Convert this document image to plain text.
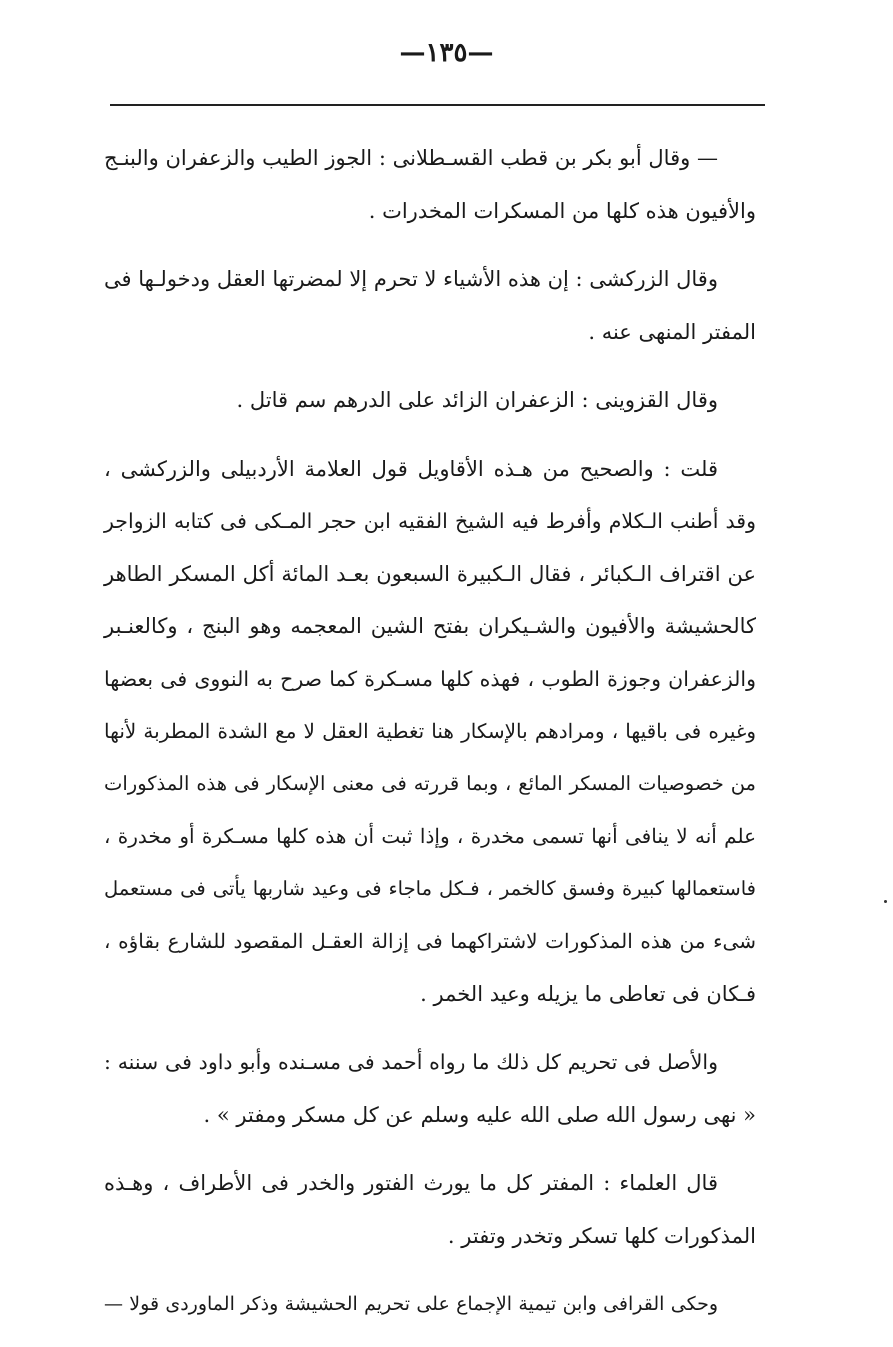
—١٣٥—

— وقال أبو بكر بن قطب القسـطلانى : الجوز الطيب والزعفران والبنـج
والأفيون هذه كلها من المسكرات المخدرات .

وقال الزركشى : إن هذه الأشياء لا تحرم إلا لمضرتها العقل ودخولـها فى
المفتر المنهى عنه .

وقال القزوينى : الزعفران الزائد على الدرهم سم قاتل .

قلت : والصحيح من هـذه الأقاويل قول العلامة الأردبيلى والزركشى ،
وقد أطنب الـكلام وأفرط فيه الشيخ الفقيه ابن حجر المـكى فى كتابه الزواجر
عن اقتراف الـكبائر ، فقال الـكبيرة السبعون بعـد المائة أكل المسكر الطاهر
كالحشيشة والأفيون والشـيكران بفتح الشين المعجمه وهو البنج ، وكالعنـبر
والزعفران وجوزة الطوب ، فهذه كلها مسـكرة كما صرح به النووى فى بعضها
وغيره فى باقيها ، ومرادهم بالإسكار هنا تغطية العقل لا مع الشدة المطربة لأنها
من خصوصيات المسكر المائع ، وبما قررته فى معنى الإسكار فى هذه المذكورات
علم أنه لا ينافى أنها تسمى مخدرة ، وإذا ثبت أن هذه كلها مسـكرة أو مخدرة ،
فاستعمالها كبيرة وفسق كالخمر ، فـكل ماجاء فى وعيد شاربها يأتى فى مستعمل
شىء من هذه المذكورات لاشتراكهما فى إزالة العقـل المقصود للشارع بقاؤه ،
فـكان فى تعاطى ما يزيله وعيد الخمر .

والأصل فى تحريم كل ذلك ما رواه أحمد فى مسـنده وأبو داود فى سننه :
« نهى رسول الله صلى الله عليه وسلم عن كل مسكر ومفتر » .

قال العلماء : المفتر كل ما يورث الفتور والخدر فى الأطراف ، وهـذه
المذكورات كلها تسكر وتخدر وتفتر .

وحكى القرافى وابن تيمية الإجماع على تحريم الحشيشة وذكر الماوردى قولا —
